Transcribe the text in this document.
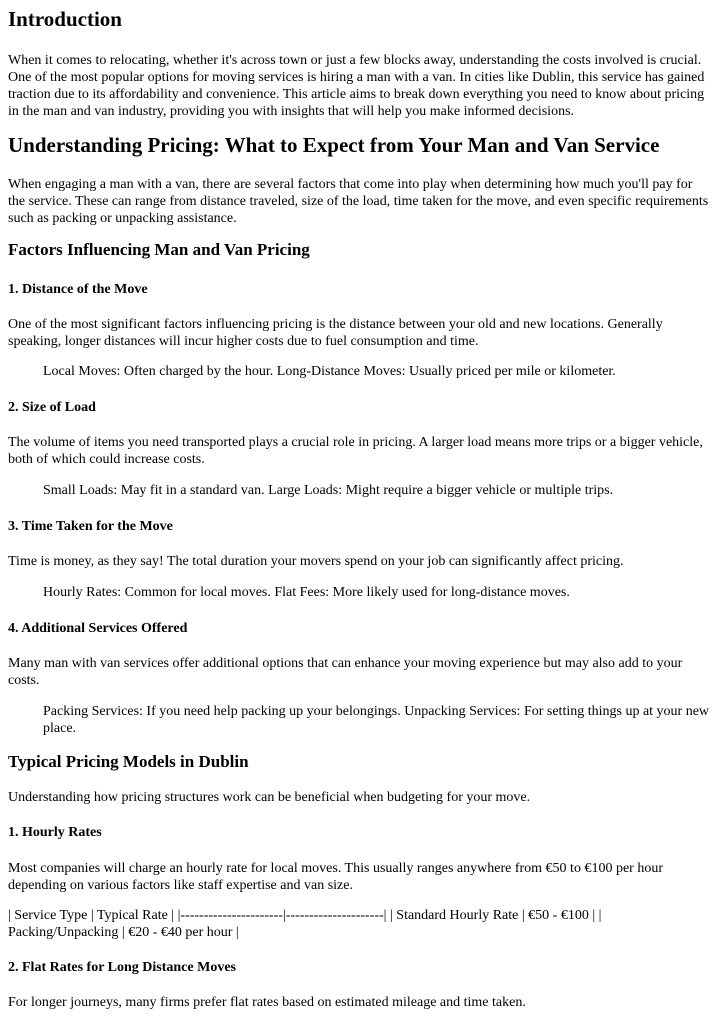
Introduction

When it comes to relocating, whether it's across town or just a few blocks away, understanding the costs involved is crucial. One of the most popular options for moving services is hiring a man with a van. In cities like Dublin, this service has gained traction due to its affordability and convenience. This article aims to break down everything you need to know about pricing in the man and van industry, providing you with insights that will help you make informed decisions.

Understanding Pricing: What to Expect from Your Man and Van Service

When engaging a man with a van, there are several factors that come into play when determining how much you'll pay for the service. These can range from distance traveled, size of the load, time taken for the move, and even specific requirements such as packing or unpacking assistance.

Factors Influencing Man and Van Pricing
1. Distance of the Move

One of the most significant factors influencing pricing is the distance between your old and new locations. Generally speaking, longer distances will incur higher costs due to fuel consumption and time.

Local Moves: Often charged by the hour. Long-Distance Moves: Usually priced per mile or kilometer.

2. Size of Load

The volume of items you need transported plays a crucial role in pricing. A larger load means more trips or a bigger vehicle, both of which could increase costs.

Small Loads: May fit in a standard van. Large Loads: Might require a bigger vehicle or multiple trips.

3. Time Taken for the Move

Time is money, as they say! The total duration your movers spend on your job can significantly affect pricing.

Hourly Rates: Common for local moves. Flat Fees: More likely used for long-distance moves.

4. Additional Services Offered

Many man with van services offer additional options that can enhance your moving experience but may also add to your costs.

Packing Services: If you need help packing up your belongings. Unpacking Services: For setting things up at your new place.

Typical Pricing Models in Dublin

Understanding how pricing structures work can be beneficial when budgeting for your move.

1. Hourly Rates

Most companies will charge an hourly rate for local moves. This usually ranges anywhere from €50 to €100 per hour depending on various factors like staff expertise and van size.

| Service Type | Typical Rate | |----------------------|---------------------| | Standard Hourly Rate | €50 - €100 | | Packing/Unpacking | €20 - €40 per hour |

2. Flat Rates for Long Distance Moves

For longer journeys, many firms prefer flat rates based on estimated mileage and time taken.
